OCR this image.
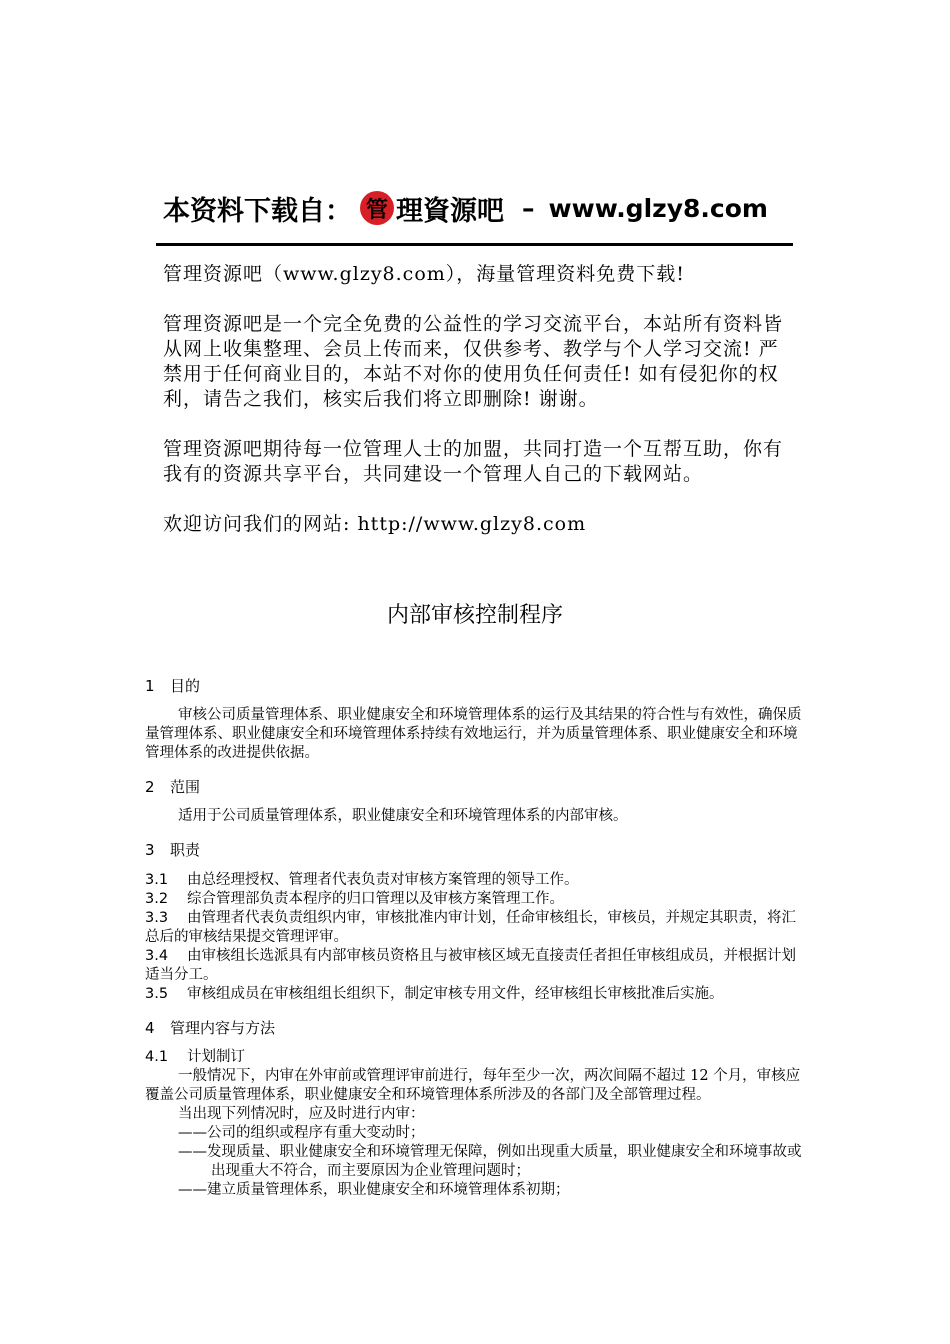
本资料下载自： 管 理資源吧 – www.glzy8.com

管理资源吧（www.glzy8.com），海量管理资料免费下载!

管理资源吧是一个完全免费的公益性的学习交流平台，本站所有资料皆从网上收集整理、会员上传而来，仅供参考、教学与个人学习交流! 严禁用于任何商业目的，本站不对你的使用负任何责任! 如有侵犯你的权利，请告之我们，核实后我们将立即删除! 谢谢。

管理资源吧期待每一位管理人士的加盟，共同打造一个互帮互助，你有我有的资源共享平台，共同建设一个管理人自己的下载网站。

欢迎访问我们的网站: http://www.glzy8.com

内部审核控制程序
1 目的

审核公司质量管理体系、职业健康安全和环境管理体系的运行及其结果的符合性与有效性，确保质量管理体系、职业健康安全和环境管理体系持续有效地运行，并为质量管理体系、职业健康安全和环境管理体系的改进提供依据。

2 范围

适用于公司质量管理体系，职业健康安全和环境管理体系的内部审核。

3 职责

3.1 由总经理授权、管理者代表负责对审核方案管理的领导工作。

3.2 综合管理部负责本程序的归口管理以及审核方案管理工作。

3.3 由管理者代表负责组织内审，审核批准内审计划，任命审核组长，审核员，并规定其职责，将汇总后的审核结果提交管理评审。

3.4 由审核组长选派具有内部审核员资格且与被审核区域无直接责任者担任审核组成员，并根据计划适当分工。

3.5 审核组成员在审核组组长组织下，制定审核专用文件，经审核组长审核批准后实施。

4 管理内容与方法

4.1 计划制订

一般情况下，内审在外审前或管理评审前进行，每年至少一次，两次间隔不超过 12 个月，审核应覆盖公司质量管理体系，职业健康安全和环境管理体系所涉及的各部门及全部管理过程。

当出现下列情况时，应及时进行内审：

——公司的组织或程序有重大变动时；

——发现质量、职业健康安全和环境管理无保障，例如出现重大质量，职业健康安全和环境事故或出现重大不符合，而主要原因为企业管理问题时；

——建立质量管理体系，职业健康安全和环境管理体系初期；
